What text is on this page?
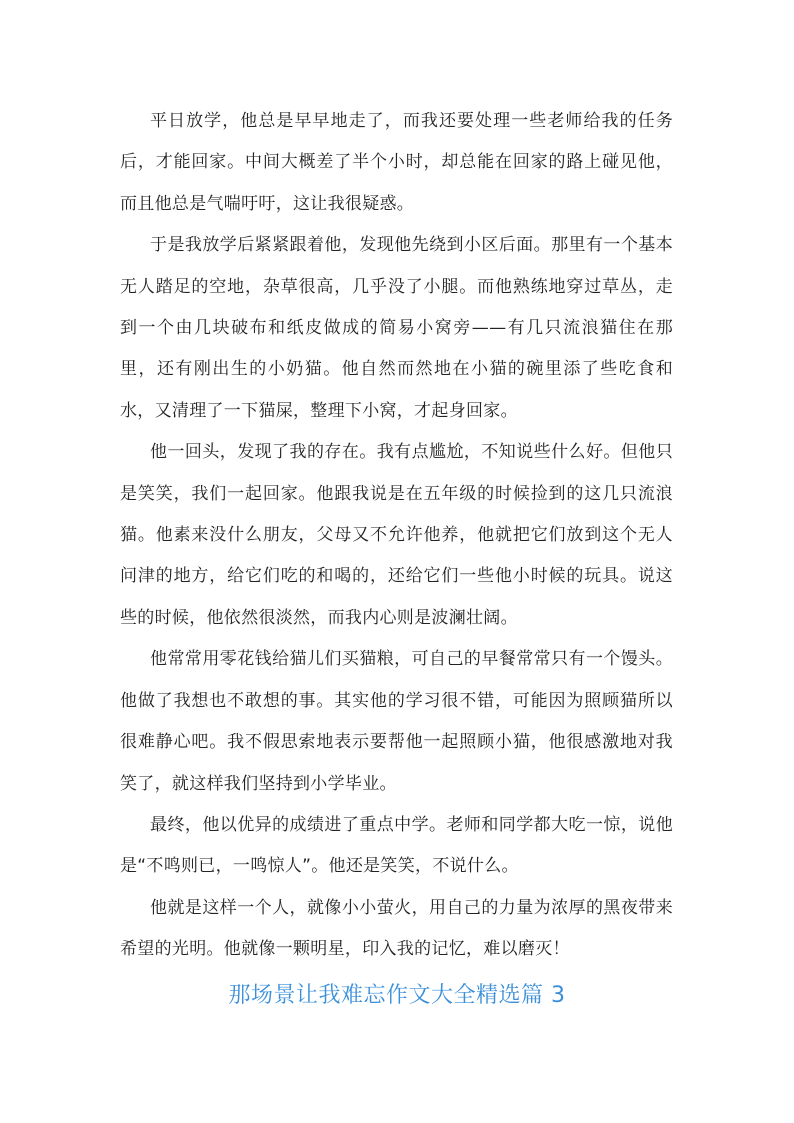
平日放学，他总是早早地走了，而我还要处理一些老师给我的任务后，才能回家。中间大概差了半个小时，却总能在回家的路上碰见他，而且他总是气喘吁吁，这让我很疑惑。

于是我放学后紧紧跟着他，发现他先绕到小区后面。那里有一个基本无人踏足的空地，杂草很高，几乎没了小腿。而他熟练地穿过草丛，走到一个由几块破布和纸皮做成的简易小窝旁——有几只流浪猫住在那里，还有刚出生的小奶猫。他自然而然地在小猫的碗里添了些吃食和水，又清理了一下猫屎，整理下小窝，才起身回家。

他一回头，发现了我的存在。我有点尴尬，不知说些什么好。但他只是笑笑，我们一起回家。他跟我说是在五年级的时候捡到的这几只流浪猫。他素来没什么朋友，父母又不允许他养，他就把它们放到这个无人问津的地方，给它们吃的和喝的，还给它们一些他小时候的玩具。说这些的时候，他依然很淡然，而我内心则是波澜壮阔。

他常常用零花钱给猫儿们买猫粮，可自己的早餐常常只有一个馒头。他做了我想也不敢想的事。其实他的学习很不错，可能因为照顾猫所以很难静心吧。我不假思索地表示要帮他一起照顾小猫，他很感激地对我笑了，就这样我们坚持到小学毕业。

最终，他以优异的成绩进了重点中学。老师和同学都大吃一惊，说他是“不鸣则已，一鸣惊人”。他还是笑笑，不说什么。

他就是这样一个人，就像小小萤火，用自己的力量为浓厚的黑夜带来希望的光明。他就像一颗明星，印入我的记忆，难以磨灭！

那场景让我难忘作文大全精选篇 3
